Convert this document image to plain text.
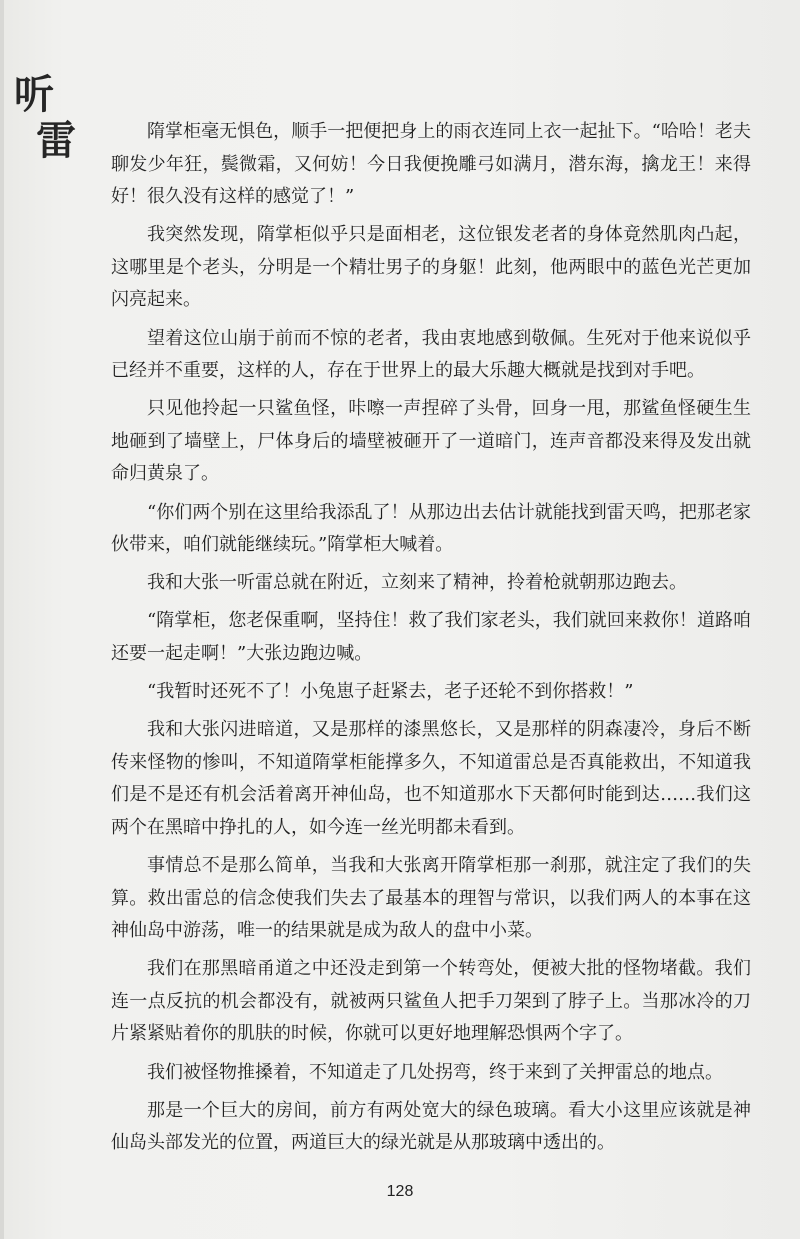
听
雷	隋掌柜毫无惧色，顺手一把便把身上的雨衣连同上衣一起扯下。“哈哈！老夫聊发少年狂，鬓微霜，又何妨！今日我便挽雕弓如满月，潜东海，擒龙王！来得好！很久没有这样的感觉了！”

我突然发现，隋掌柜似乎只是面相老，这位银发老者的身体竟然肌肉凸起，这哪里是个老头，分明是一个精壮男子的身躯！此刻，他两眼中的蓝色光芒更加闪亮起来。

望着这位山崩于前而不惊的老者，我由衷地感到敬佩。生死对于他来说似乎已经并不重要，这样的人，存在于世界上的最大乐趣大概就是找到对手吧。

只见他拎起一只鲨鱼怪，咔嚓一声捏碎了头骨，回身一甩，那鲨鱼怪硬生生地砸到了墙壁上，尸体身后的墙壁被砸开了一道暗门，连声音都没来得及发出就命归黄泉了。

“你们两个别在这里给我添乱了！从那边出去估计就能找到雷天鸣，把那老家伙带来，咱们就能继续玩。”隋掌柜大喊着。

我和大张一听雷总就在附近，立刻来了精神，拎着枪就朝那边跑去。

“隋掌柜，您老保重啊，坚持住！救了我们家老头，我们就回来救你！道路咱还要一起走啊！”大张边跑边喊。

“我暂时还死不了！小兔崽子赶紧去，老子还轮不到你搭救！”

我和大张闪进暗道，又是那样的漆黑悠长，又是那样的阴森凄冷，身后不断传来怪物的惨叫，不知道隋掌柜能撑多久，不知道雷总是否真能救出，不知道我们是不是还有机会活着离开神仙岛，也不知道那水下天都何时能到达……我们这两个在黑暗中挣扎的人，如今连一丝光明都未看到。

事情总不是那么简单，当我和大张离开隋掌柜那一刹那，就注定了我们的失算。救出雷总的信念使我们失去了最基本的理智与常识，以我们两人的本事在这神仙岛中游荡，唯一的结果就是成为敌人的盘中小菜。

我们在那黑暗甬道之中还没走到第一个转弯处，便被大批的怪物堵截。我们连一点反抗的机会都没有，就被两只鲨鱼人把手刀架到了脖子上。当那冰冷的刀片紧紧贴着你的肌肤的时候，你就可以更好地理解恐惧两个字了。

我们被怪物推搡着，不知道走了几处拐弯，终于来到了关押雷总的地点。

那是一个巨大的房间，前方有两处宽大的绿色玻璃。看大小这里应该就是神仙岛头部发光的位置，两道巨大的绿光就是从那玻璃中透出的。

128
